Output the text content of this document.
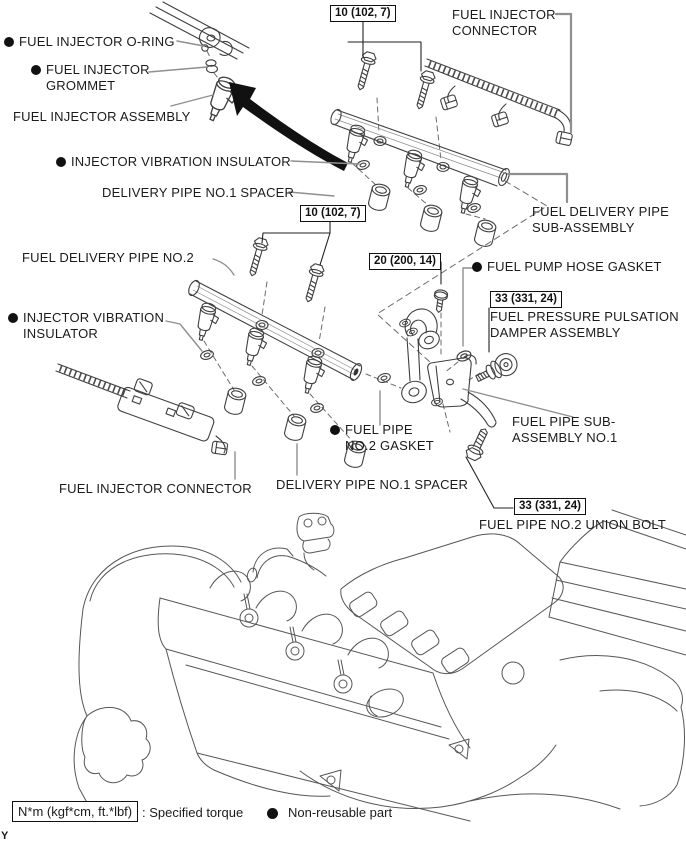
FUEL INJECTOR O-RING
FUEL INJECTOR GROMMET
FUEL INJECTOR ASSEMBLY
INJECTOR VIBRATION INSULATOR
DELIVERY PIPE NO.1 SPACER
FUEL INJECTOR CONNECTOR
FUEL DELIVERY PIPE SUB-ASSEMBLY
FUEL DELIVERY PIPE NO.2
FUEL PUMP HOSE GASKET
FUEL PRESSURE PULSATION DAMPER ASSEMBLY
INJECTOR VIBRATION INSULATOR
FUEL PIPE NO.2 GASKET
FUEL PIPE SUB-ASSEMBLY NO.1
FUEL INJECTOR CONNECTOR DELIVERY PIPE NO.1 SPACER
FUEL PIPE NO.2 UNION BOLT
10 (102, 7)
10 (102, 7)
20 (200, 14)
33 (331, 24)
33 (331, 24)
N*m (kgf*cm, ft.*lbf) : Specified torque	Non-reusable part
Y
